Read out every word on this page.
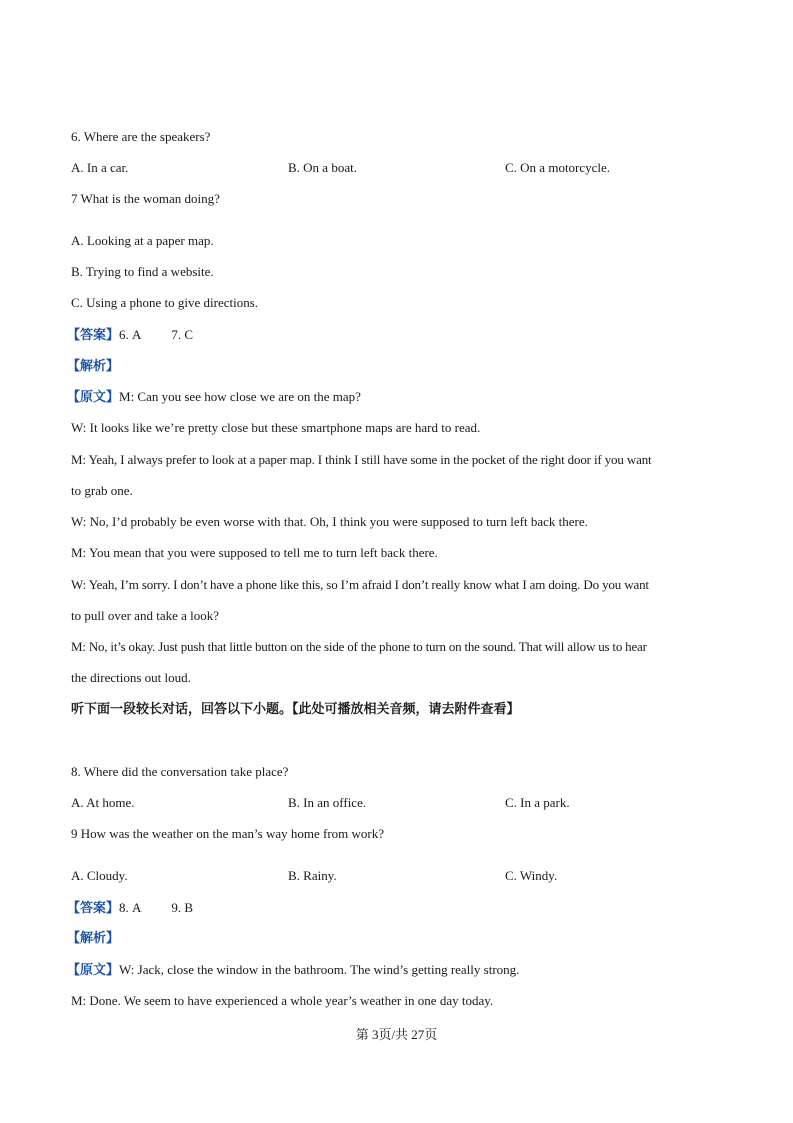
6. Where are the speakers?
A. In a car.	B. On a boat.	C. On a motorcycle.
7 What is the woman doing?
A. Looking at a paper map.
B. Trying to find a website.
C. Using a phone to give directions.
【答案】6. A 7. C
【解析】
【原文】M: Can you see how close we are on the map?
W: It looks like we’re pretty close but these smartphone maps are hard to read.
M: Yeah, I always prefer to look at a paper map. I think I still have some in the pocket of the right door if you want
to grab one.
W: No, I’d probably be even worse with that. Oh, I think you were supposed to turn left back there.
M: You mean that you were supposed to tell me to turn left back there.
W: Yeah, I’m sorry. I don’t have a phone like this, so I’m afraid I don’t really know what I am doing. Do you want
to pull over and take a look?
M: No, it’s okay. Just push that little button on the side of the phone to turn on the sound. That will allow us to hear
the directions out loud.
听下面一段较长对话，回答以下小题。【此处可播放相关音频，请去附件查看】
8. Where did the conversation take place?
A. At home.	B. In an office.	C. In a park.
9 How was the weather on the man’s way home from work?
A. Cloudy.	B. Rainy.	C. Windy.
【答案】8. A 9. B
【解析】
【原文】W: Jack, close the window in the bathroom. The wind’s getting really strong.
M: Done. We seem to have experienced a whole year’s weather in one day today.
第 3页/共 27页
